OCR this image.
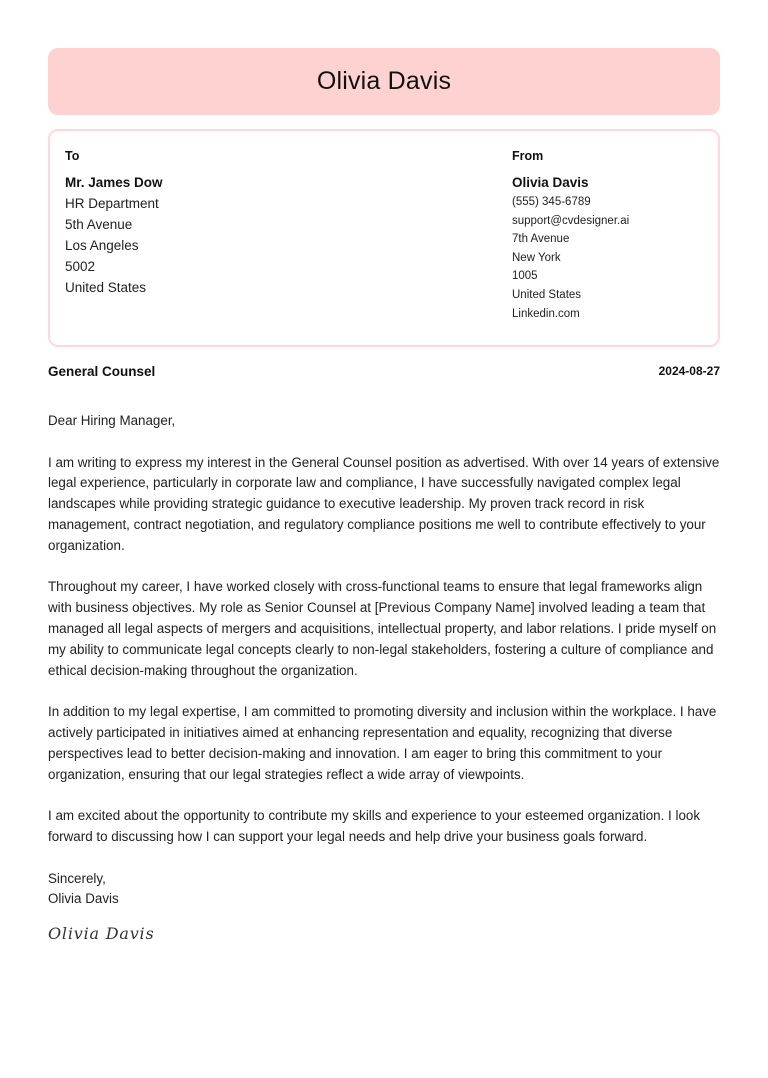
Olivia Davis
To
Mr. James Dow
HR Department
5th Avenue
Los Angeles
5002
United States
From
Olivia Davis
(555) 345-6789
support@cvdesigner.ai
7th Avenue
New York
1005
United States
Linkedin.com
General Counsel	2024-08-27
Dear Hiring Manager,

I am writing to express my interest in the General Counsel position as advertised. With over 14 years of extensive legal experience, particularly in corporate law and compliance, I have successfully navigated complex legal landscapes while providing strategic guidance to executive leadership. My proven track record in risk management, contract negotiation, and regulatory compliance positions me well to contribute effectively to your organization.

Throughout my career, I have worked closely with cross-functional teams to ensure that legal frameworks align with business objectives. My role as Senior Counsel at [Previous Company Name] involved leading a team that managed all legal aspects of mergers and acquisitions, intellectual property, and labor relations. I pride myself on my ability to communicate legal concepts clearly to non-legal stakeholders, fostering a culture of compliance and ethical decision-making throughout the organization.

In addition to my legal expertise, I am committed to promoting diversity and inclusion within the workplace. I have actively participated in initiatives aimed at enhancing representation and equality, recognizing that diverse perspectives lead to better decision-making and innovation. I am eager to bring this commitment to your organization, ensuring that our legal strategies reflect a wide array of viewpoints.

I am excited about the opportunity to contribute my skills and experience to your esteemed organization. I look forward to discussing how I can support your legal needs and help drive your business goals forward.

Sincerely,
Olivia Davis
Olivia Davis
